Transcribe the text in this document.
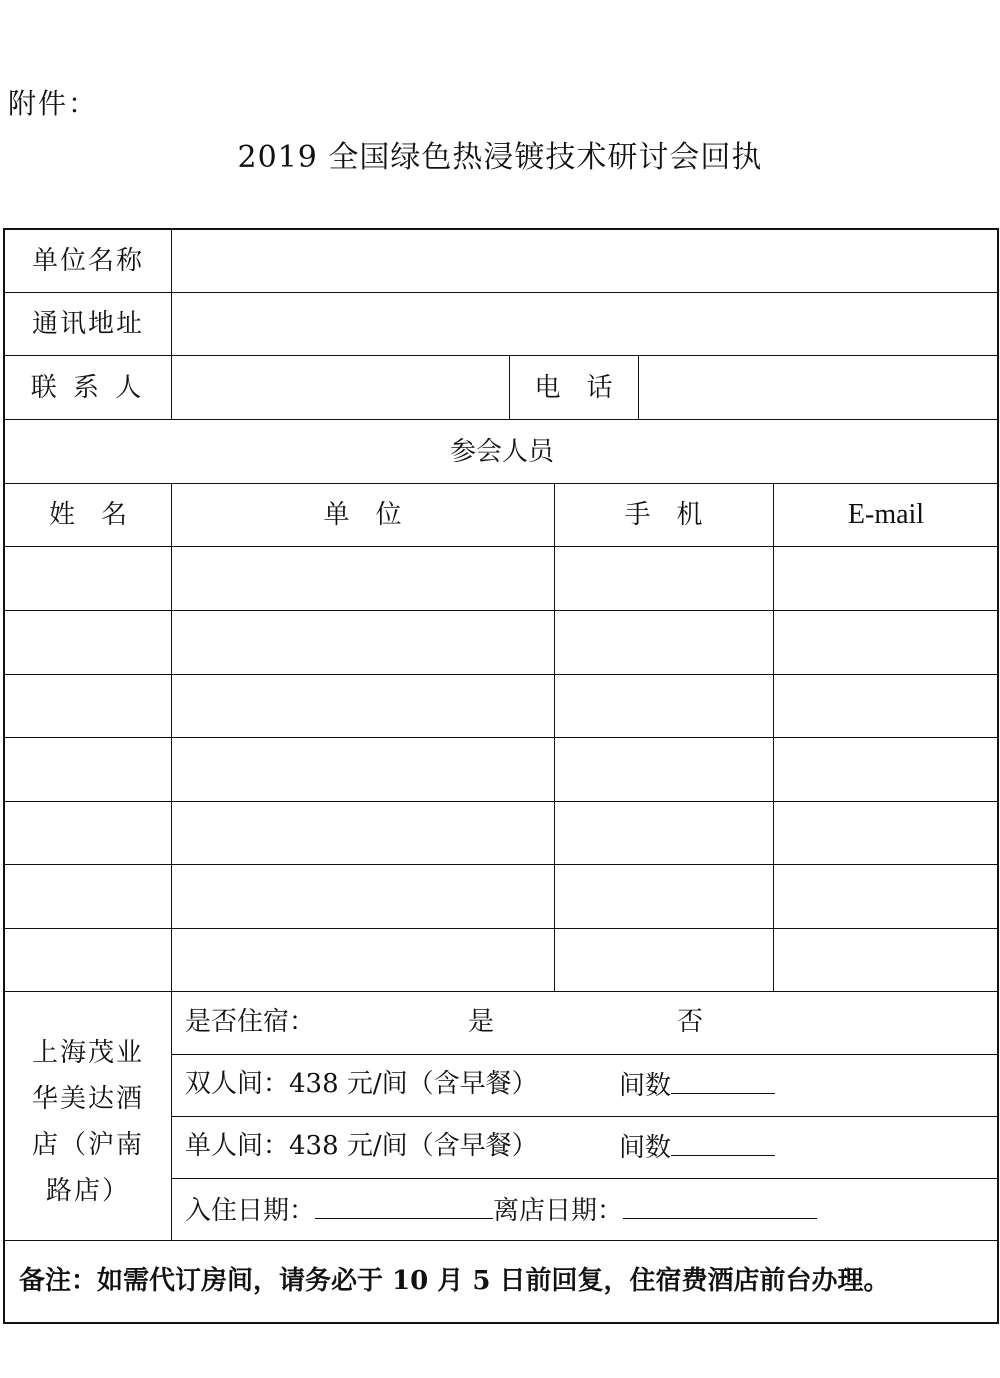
附件：
2019 全国绿色热浸镀技术研讨会回执
单位名称
通讯地址
联 系 人	电　话
参会人员
姓　名	单　位	手　机	E-mail
上海茂业
华美达酒
店（沪南
路店）
是否住宿：	是	否
双人间：438 元/间（含早餐）	间数
单人间：438 元/间（含早餐）	间数
入住日期：	离店日期：
备注：如需代订房间，请务必于 10 月 5 日前回复，住宿费酒店前台办理。
